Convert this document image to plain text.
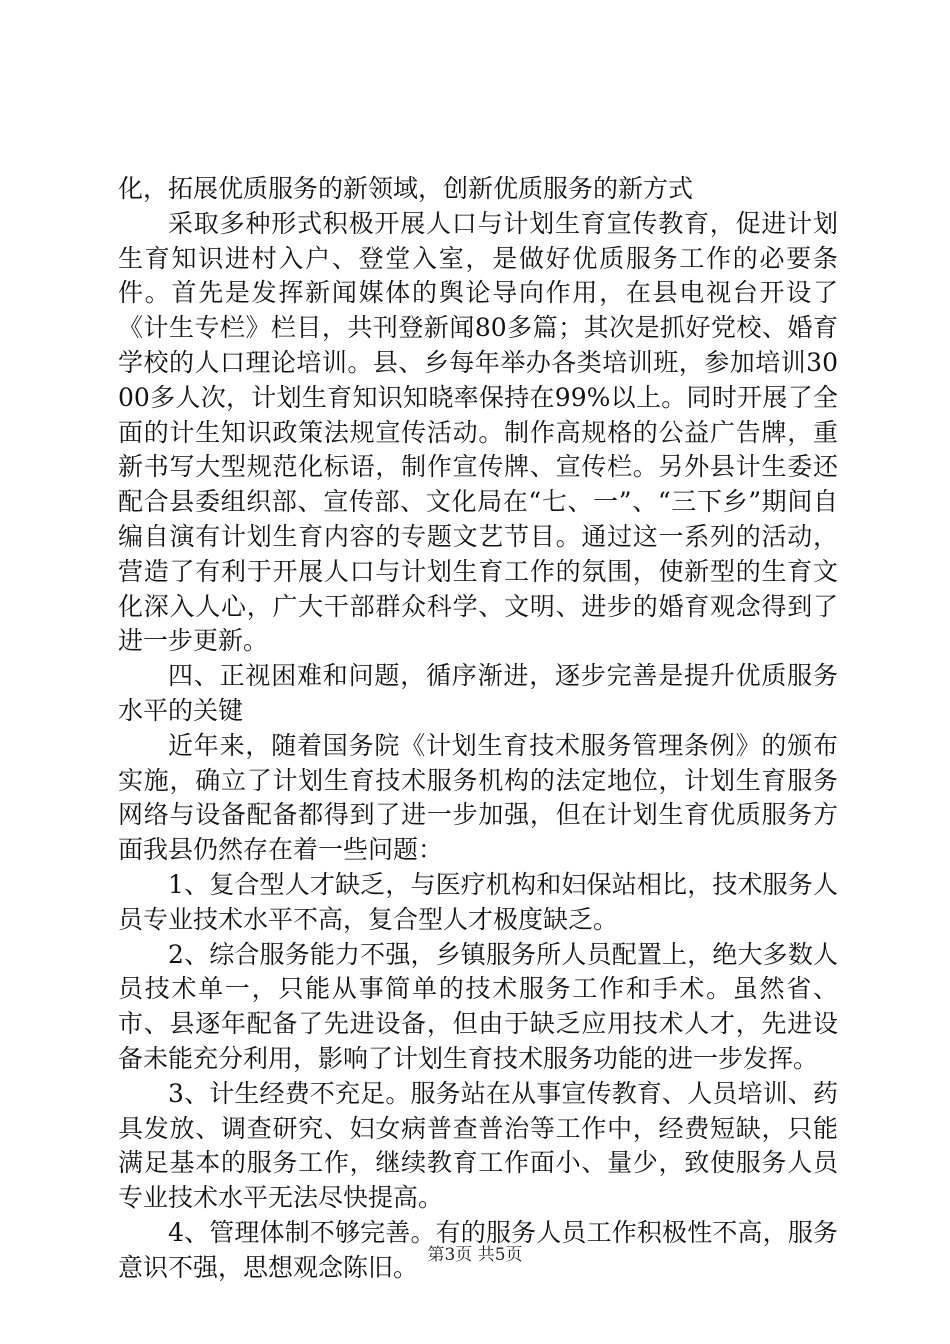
化，拓展优质服务的新领域，创新优质服务的新方式

采取多种形式积极开展人口与计划生育宣传教育，促进计划生育知识进村入户、登堂入室，是做好优质服务工作的必要条件。首先是发挥新闻媒体的舆论导向作用，在县电视台开设了《计生专栏》栏目，共刊登新闻80多篇；其次是抓好党校、婚育学校的人口理论培训。县、乡每年举办各类培训班，参加培训3000多人次，计划生育知识知晓率保持在99%以上。同时开展了全面的计生知识政策法规宣传活动。制作高规格的公益广告牌，重新书写大型规范化标语，制作宣传牌、宣传栏。另外县计生委还配合县委组织部、宣传部、文化局在“七、一”、“三下乡”期间自编自演有计划生育内容的专题文艺节目。通过这一系列的活动，营造了有利于开展人口与计划生育工作的氛围，使新型的生育文化深入人心，广大干部群众科学、文明、进步的婚育观念得到了进一步更新。

四、正视困难和问题，循序渐进，逐步完善是提升优质服务水平的关键

近年来，随着国务院《计划生育技术服务管理条例》的颁布实施，确立了计划生育技术服务机构的法定地位，计划生育服务网络与设备配备都得到了进一步加强，但在计划生育优质服务方面我县仍然存在着一些问题：

1、复合型人才缺乏，与医疗机构和妇保站相比，技术服务人员专业技术水平不高，复合型人才极度缺乏。

2、综合服务能力不强，乡镇服务所人员配置上，绝大多数人员技术单一，只能从事简单的技术服务工作和手术。虽然省、市、县逐年配备了先进设备，但由于缺乏应用技术人才，先进设备未能充分利用，影响了计划生育技术服务功能的进一步发挥。

3、计生经费不充足。服务站在从事宣传教育、人员培训、药具发放、调查研究、妇女病普查普治等工作中，经费短缺，只能满足基本的服务工作，继续教育工作面小、量少，致使服务人员专业技术水平无法尽快提高。

4、管理体制不够完善。有的服务人员工作积极性不高，服务意识不强，思想观念陈旧。 第3页 共5页
